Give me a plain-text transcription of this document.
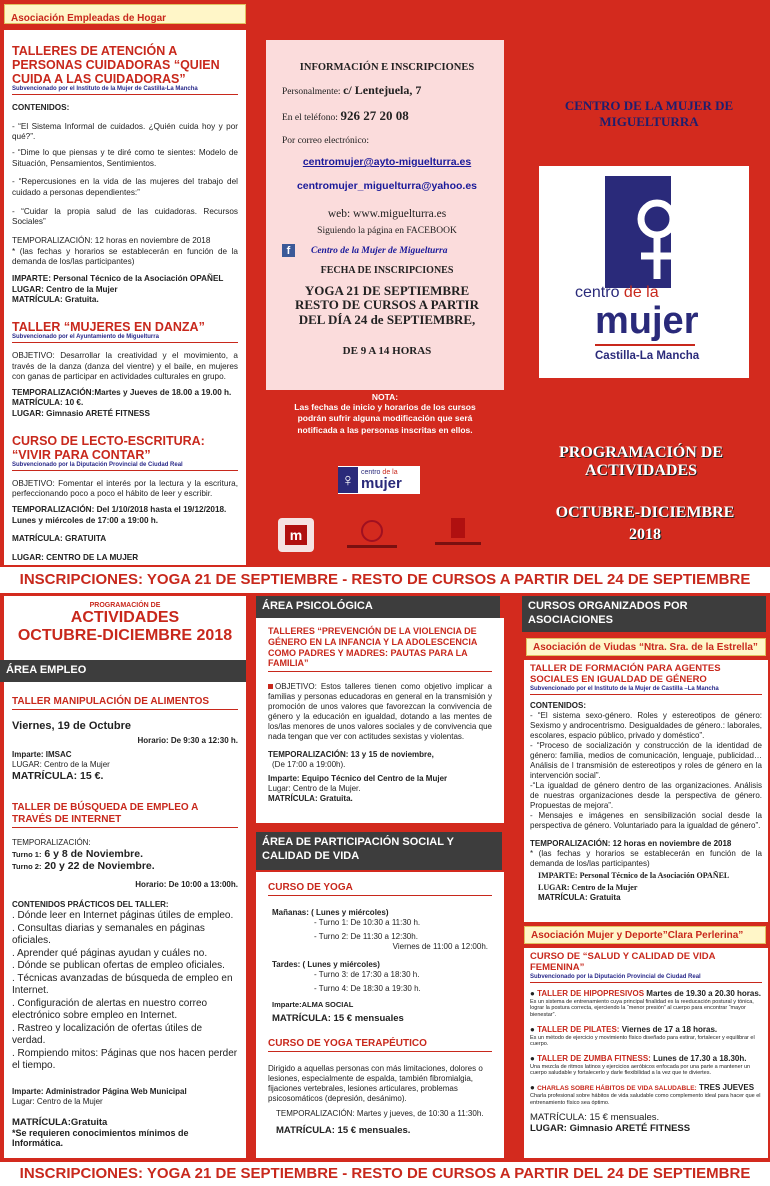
Asociación Empleadas de Hogar
TALLERES DE ATENCIÓN A PERSONAS CUIDADORAS “QUIEN CUIDA A LAS CUIDADORAS”
Subvencionado por el Instituto de la Mujer de Castilla-La Mancha
CONTENIDOS:

- “El Sistema Informal de cuidados. ¿Quién cuida hoy y por qué?”.

- “Dime lo que piensas y te diré como te sientes: Modelo de Situación, Pensamientos, Sentimientos.

- “Repercusiones en la vida de las mujeres del trabajo del cuidado a personas dependientes:”

- “Cuidar la propia salud de las cuidadoras. Recursos Sociales”

TEMPORALIZACIÓN: 12 horas en noviembre de 2018

* (las fechas y horarios se establecerán en función de la demanda de los/las participantes)

IMPARTE: Personal Técnico de la Asociación OPAÑEL
LUGAR: Centro de la Mujer
MATRÍCULA: Gratuita.
TALLER “MUJERES EN DANZA”
Subvencionado por el Ayuntamiento de Miguelturra

OBJETIVO: Desarrollar la creatividad y el movimiento, a través de la danza (danza del vientre) y el baile, en mujeres con ganas de participar en actividades culturales en grupo.

TEMPORALIZACIÓN:Martes y Jueves de 18.00 a 19.00 h.
MATRÍCULA: 10 €.
LUGAR: Gimnasio ARETÉ FITNESS
CURSO DE LECTO-ESCRITURA: “VIVIR PARA CONTAR”
Subvencionado por la Diputación Provincial de Ciudad Real

OBJETIVO: Fomentar el interés por la lectura y la escritura, perfeccionando poco a poco el hábito de leer y escribir.

TEMPORALIZACIÓN: Del 1/10/2018 hasta el 19/12/2018. Lunes y miércoles de 17:00 a 19:00 h.

MATRÍCULA: GRATUITA
LUGAR: CENTRO DE LA MUJER
INFORMACIÓN E INSCRIPCIONES
Personalmente: c/ Lentejuela, 7
En el teléfono: 926 27 20 08
Por correo electrónico:
centromujer@ayto-miguelturra.es
centromujer_miguelturra@yahoo.es
web: www.miguelturra.es
Siguiendo la página en FACEBOOK
f	Centro de la Mujer de Miguelturra
FECHA DE INSCRIPCIONES
YOGA 21 DE SEPTIEMBRE
RESTO DE CURSOS A PARTIR
DEL DÍA 24 de SEPTIEMBRE,
DE 9 A 14 HORAS
NOTA:
Las fechas de inicio y horarios de los cursos podrán sufrir alguna modificación que será notificada a las personas inscritas en ellos.
♀ centro de la
mujer
m
CENTRO DE LA MUJER DE MIGUELTURRA
centro de la
mujer
Castilla-La Mancha
PROGRAMACIÓN DE ACTIVIDADES
OCTUBRE-DICIEMBRE 2018
INSCRIPCIONES: YOGA 21 DE SEPTIEMBRE - RESTO DE CURSOS A PARTIR DEL 24 DE SEPTIEMBRE
PROGRAMACIÓN DE
ACTIVIDADES
OCTUBRE-DICIEMBRE 2018
TALLER MANIPULACIÓN DE ALIMENTOS
Viernes, 19 de Octubre
Horario: De 9:30 a 12:30 h.
Imparte: IMSAC
LUGAR: Centro de la Mujer
MATRÍCULA: 15 €.
TALLER DE BÚSQUEDA DE EMPLEO A TRAVÉS DE INTERNET
TEMPORALIZACIÓN:
Turno 1: 6 y 8 de Noviembre.
Turno 2: 20 y 22 de Noviembre.
Horario: De 10:00 a 13:00h.
CONTENIDOS PRÁCTICOS DEL TALLER:
. Dónde leer en Internet páginas útiles de empleo.
. Consultas diarias y semanales en páginas oficiales.
. Aprender qué páginas ayudan y cuáles no.
. Dónde se publican ofertas de empleo oficiales.
. Técnicas avanzadas de búsqueda de empleo en Internet.
. Configuración de alertas en nuestro correo electrónico sobre empleo en Internet.
. Rastreo y localización de ofertas útiles de verdad.
. Rompiendo mitos: Páginas que nos hacen perder el tiempo.
Imparte: Administrador Página Web Municipal
Lugar: Centro de la Mujer
MATRÍCULA:Gratuita
*Se requieren conocimientos mínimos de Informática.
ÁREA EMPLEO
ÁREA PSICOLÓGICA
TALLERES “PREVENCIÓN DE LA VIOLENCIA DE GÉNERO EN LA INFANCIA Y LA ADOLESCENCIA COMO PADRES Y MADRES: PAUTAS PARA LA FAMILIA”

OBJETIVO: Estos talleres tienen como objetivo implicar a familias y personas educadoras en general en la transmisión y promoción de unos valores que favorezcan la convivencia de género y la educación en igualdad, dotando a las mentes de los/las menores de unos valores sociales y de convivencia que nada tengan que ver con actitudes sexistas y violentas.

TEMPORALIZACIÓN: 13 y 15 de noviembre,
(De 17:00 a 19:00h).
Imparte: Equipo Técnico del Centro de la Mujer
Lugar: Centro de la Mujer.
MATRÍCULA: Gratuita.
ÁREA DE PARTICIPACIÓN SOCIAL Y CALIDAD DE VIDA
CURSO DE YOGA
Mañanas: ( Lunes y miércoles)
- Turno 1: De 10:30 a 11:30 h.
- Turno 2: De 11:30 a 12:30h.
Viernes de 11:00 a 12:00h.
Tardes: ( Lunes y miércoles)
- Turno 3: de 17:30 a 18:30 h.
- Turno 4: De 18:30 a 19:30 h.
Imparte:ALMA SOCIAL
MATRÍCULA: 15 € mensuales
CURSO DE YOGA TERAPÉUTICO

Dirigido a aquellas personas con más limitaciones, dolores o lesiones, especialmente de espalda, también fibromialgia, fijaciones vertebrales, lesiones articulares, problemas psicosomáticos (depresión, desánimo).

TEMPORALIZACIÓN: Martes y jueves, de 10:30 a 11:30h.
MATRÍCULA: 15 € mensuales.
CURSOS ORGANIZADOS POR ASOCIACIONES
Asociación de Viudas “Ntra. Sra. de la Estrella”
TALLER DE FORMACIÓN PARA AGENTES SOCIALES EN IGUALDAD DE GÉNERO
Subvencionado por el Instituto de la Mujer de Castilla –La Mancha
CONTENIDOS:
- “El sistema sexo-género. Roles y estereotipos de género: Sexismo y androcentrismo. Desigualdades de género.: laborales, escolares, espacio público, privado y doméstico”.
- “Proceso de socialización y construcción de la identidad de género: familia, medios de comunicación, lenguaje, publicidad… Análisis de l transmisión de estereotipos y roles de género en la intervención social”.
-“La igualdad de género dentro de las organizaciones. Análisis de nuestras organizaciones desde la perspectiva de género. Propuestas de mejora”.
- Mensajes e imágenes en sensibilización social desde la perspectiva de género. Voluntariado para la igualdad de género”.
TEMPORALIZACIÓN: 12 horas en noviembre de 2018
* (las fechas y horarios se establecerán en función de la demanda de los/las participantes)
IMPARTE: Personal Técnico de la Asociación OPAÑEL
LUGAR: Centro de la Mujer
MATRÍCULA: Gratuita
Asociación Mujer y Deporte”Clara Perlerina”
CURSO DE “SALUD Y CALIDAD DE VIDA FEMENINA”
Subvencionado por la Diputación Provincial de Ciudad Real
● TALLER DE HIPOPRESIVOS Martes de 19.30 a 20.30 horas.
Es un sistema de entrenamiento cuya principal finalidad es la reeducación postural y tónica, lograr la postura correcta, ejerciendo la “menor presión” al cuerpo para encontrar “mayor bienestar”.
● TALLER DE PILATES: Viernes de 17 a 18 horas.
Es un método de ejercicio y movimiento físico diseñado para estirar, fortalecer y equilibrar el cuerpo.
● TALLER DE ZUMBA FITNESS: Lunes de 17.30 a 18.30h.
Una mezcla de ritmos latinos y ejercicios aeróbicos enfocada por una parte a mantener un cuerpo saludable y fortalecerlo y darle flexibilidad a la vez que te diviertes.
● CHARLAS SOBRE HÁBITOS DE VIDA SALUDABLE: TRES JUEVES
Charla profesional sobre hábitos de vida saludable como complemento ideal para hacer que el entrenamiento físico sea óptimo.
MATRÍCULA: 15 € mensuales.
LUGAR: Gimnasio ARETÉ FITNESS
INSCRIPCIONES: YOGA 21 DE SEPTIEMBRE - RESTO DE CURSOS A PARTIR DEL 24 DE SEPTIEMBRE
